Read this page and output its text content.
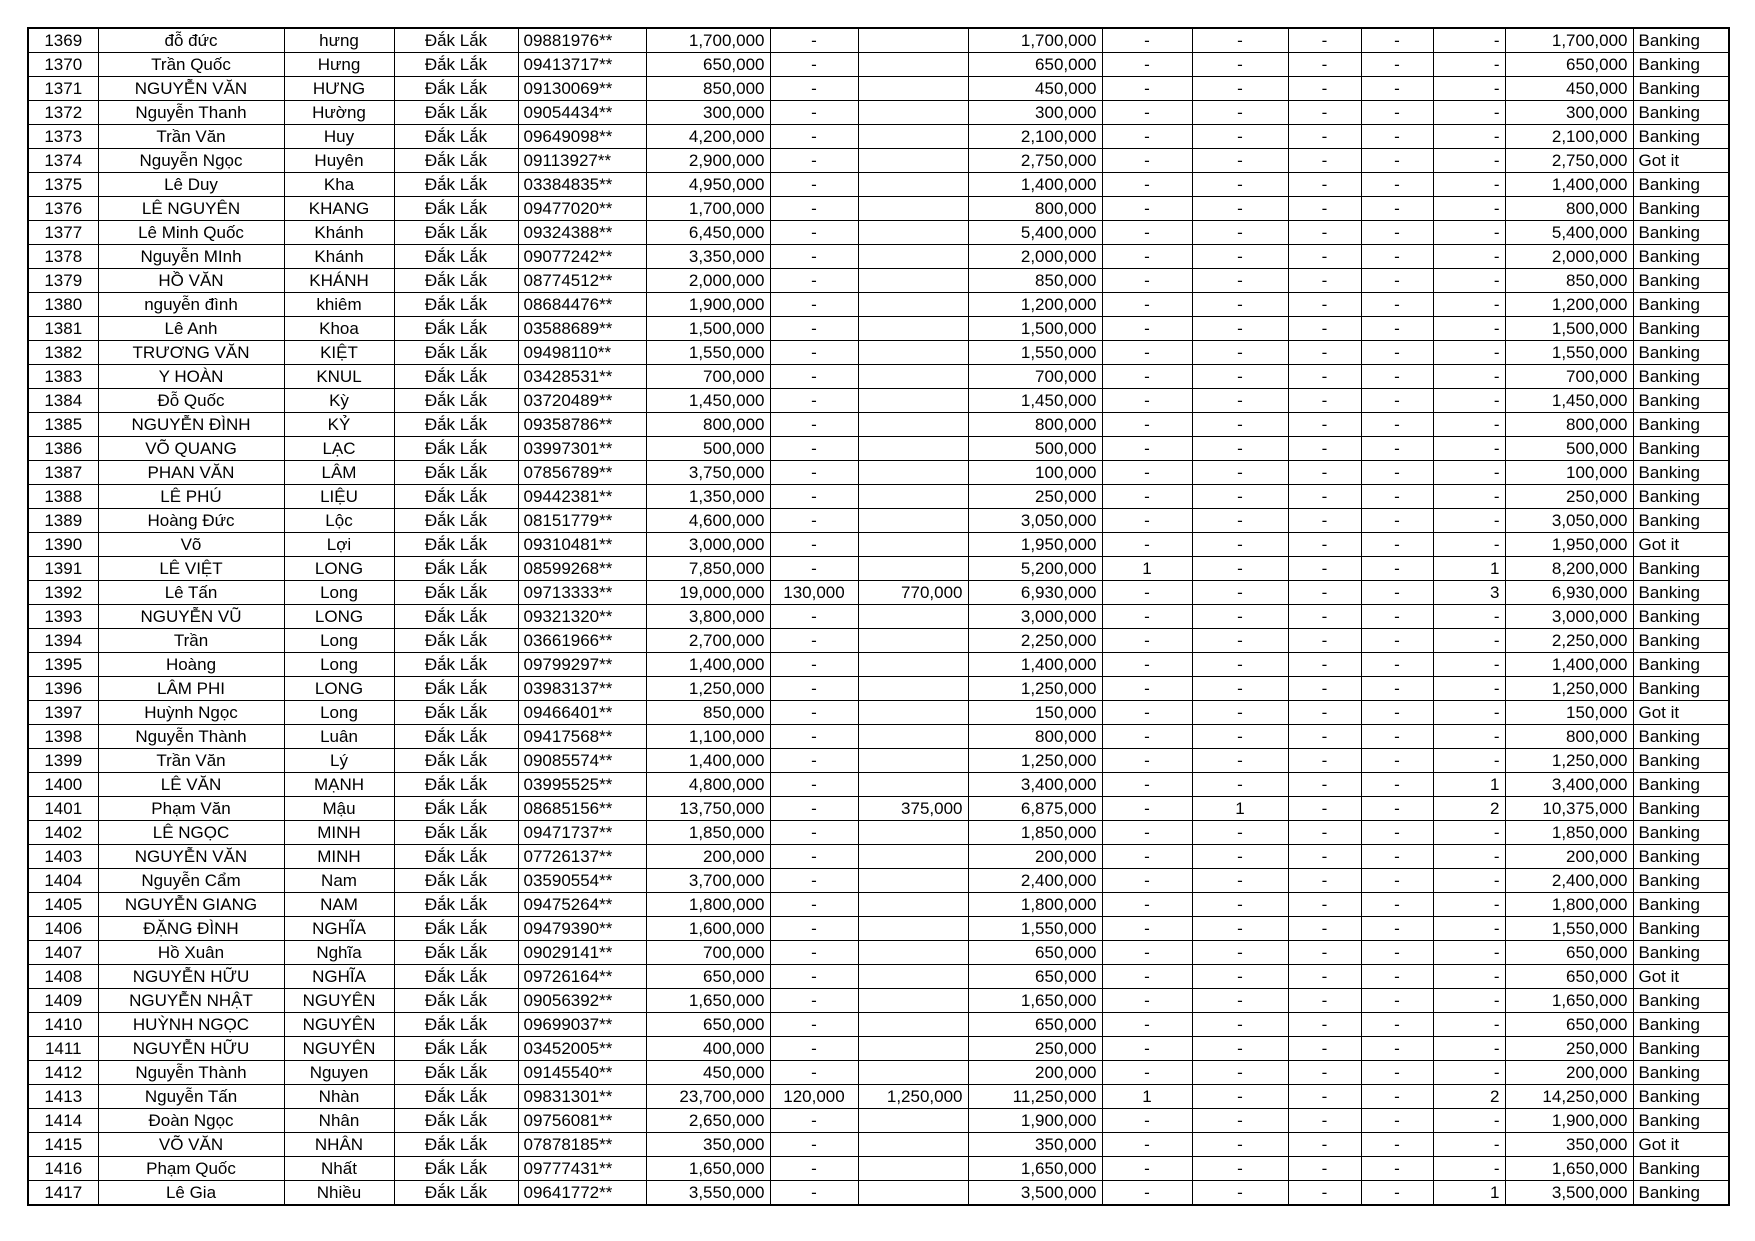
1369	đỗ đức	hưng	Đắk Lắk	09881976**	1,700,000	-		1,700,000	-	-	-	-	-	1,700,000	Banking
1370	Trần Quốc	Hưng	Đắk Lắk	09413717**	650,000	-		650,000	-	-	-	-	-	650,000	Banking
1371	NGUYỄN VĂN	HƯNG	Đắk Lắk	09130069**	850,000	-		450,000	-	-	-	-	-	450,000	Banking
1372	Nguyễn Thanh	Hường	Đắk Lắk	09054434**	300,000	-		300,000	-	-	-	-	-	300,000	Banking
1373	Trần Văn	Huy	Đắk Lắk	09649098**	4,200,000	-		2,100,000	-	-	-	-	-	2,100,000	Banking
1374	Nguyễn Ngọc	Huyên	Đắk Lắk	09113927**	2,900,000	-		2,750,000	-	-	-	-	-	2,750,000	Got it
1375	Lê Duy	Kha	Đắk Lắk	03384835**	4,950,000	-		1,400,000	-	-	-	-	-	1,400,000	Banking
1376	LÊ NGUYÊN	KHANG	Đắk Lắk	09477020**	1,700,000	-		800,000	-	-	-	-	-	800,000	Banking
1377	Lê Minh Quốc	Khánh	Đắk Lắk	09324388**	6,450,000	-		5,400,000	-	-	-	-	-	5,400,000	Banking
1378	Nguyễn MInh	Khánh	Đắk Lắk	09077242**	3,350,000	-		2,000,000	-	-	-	-	-	2,000,000	Banking
1379	HỒ VĂN	KHÁNH	Đắk Lắk	08774512**	2,000,000	-		850,000	-	-	-	-	-	850,000	Banking
1380	nguyễn đình	khiêm	Đắk Lắk	08684476**	1,900,000	-		1,200,000	-	-	-	-	-	1,200,000	Banking
1381	Lê Anh	Khoa	Đắk Lắk	03588689**	1,500,000	-		1,500,000	-	-	-	-	-	1,500,000	Banking
1382	TRƯƠNG VĂN	KIỆT	Đắk Lắk	09498110**	1,550,000	-		1,550,000	-	-	-	-	-	1,550,000	Banking
1383	Y HOÀN	KNUL	Đắk Lắk	03428531**	700,000	-		700,000	-	-	-	-	-	700,000	Banking
1384	Đỗ Quốc	Kỳ	Đắk Lắk	03720489**	1,450,000	-		1,450,000	-	-	-	-	-	1,450,000	Banking
1385	NGUYỄN ĐÌNH	KỶ	Đắk Lắk	09358786**	800,000	-		800,000	-	-	-	-	-	800,000	Banking
1386	VÕ QUANG	LẠC	Đắk Lắk	03997301**	500,000	-		500,000	-	-	-	-	-	500,000	Banking
1387	PHAN VĂN	LÂM	Đắk Lắk	07856789**	3,750,000	-		100,000	-	-	-	-	-	100,000	Banking
1388	LÊ PHÚ	LIỆU	Đắk Lắk	09442381**	1,350,000	-		250,000	-	-	-	-	-	250,000	Banking
1389	Hoàng Đức	Lộc	Đắk Lắk	08151779**	4,600,000	-		3,050,000	-	-	-	-	-	3,050,000	Banking
1390	Võ	Lợi	Đắk Lắk	09310481**	3,000,000	-		1,950,000	-	-	-	-	-	1,950,000	Got it
1391	LÊ VIỆT	LONG	Đắk Lắk	08599268**	7,850,000	-		5,200,000	1	-	-	-	1	8,200,000	Banking
1392	Lê Tấn	Long	Đắk Lắk	09713333**	19,000,000	130,000	770,000	6,930,000	-	-	-	-	3	6,930,000	Banking
1393	NGUYỄN VŨ	LONG	Đắk Lắk	09321320**	3,800,000	-		3,000,000	-	-	-	-	-	3,000,000	Banking
1394	Trần	Long	Đắk Lắk	03661966**	2,700,000	-		2,250,000	-	-	-	-	-	2,250,000	Banking
1395	Hoàng	Long	Đắk Lắk	09799297**	1,400,000	-		1,400,000	-	-	-	-	-	1,400,000	Banking
1396	LÂM PHI	LONG	Đắk Lắk	03983137**	1,250,000	-		1,250,000	-	-	-	-	-	1,250,000	Banking
1397	Huỳnh Ngọc	Long	Đắk Lắk	09466401**	850,000	-		150,000	-	-	-	-	-	150,000	Got it
1398	Nguyễn Thành	Luân	Đắk Lắk	09417568**	1,100,000	-		800,000	-	-	-	-	-	800,000	Banking
1399	Trần Văn	Lý	Đắk Lắk	09085574**	1,400,000	-		1,250,000	-	-	-	-	-	1,250,000	Banking
1400	LÊ VĂN	MẠNH	Đắk Lắk	03995525**	4,800,000	-		3,400,000	-	-	-	-	1	3,400,000	Banking
1401	Phạm Văn	Mậu	Đắk Lắk	08685156**	13,750,000	-	375,000	6,875,000	-	1	-	-	2	10,375,000	Banking
1402	LÊ NGỌC	MINH	Đắk Lắk	09471737**	1,850,000	-		1,850,000	-	-	-	-	-	1,850,000	Banking
1403	NGUYỄN VĂN	MINH	Đắk Lắk	07726137**	200,000	-		200,000	-	-	-	-	-	200,000	Banking
1404	Nguyễn Cẩm	Nam	Đắk Lắk	03590554**	3,700,000	-		2,400,000	-	-	-	-	-	2,400,000	Banking
1405	NGUYỄN GIANG	NAM	Đắk Lắk	09475264**	1,800,000	-		1,800,000	-	-	-	-	-	1,800,000	Banking
1406	ĐẶNG ĐÌNH	NGHĨA	Đắk Lắk	09479390**	1,600,000	-		1,550,000	-	-	-	-	-	1,550,000	Banking
1407	Hồ Xuân	Nghĩa	Đắk Lắk	09029141**	700,000	-		650,000	-	-	-	-	-	650,000	Banking
1408	NGUYỄN HỮU	NGHĨA	Đắk Lắk	09726164**	650,000	-		650,000	-	-	-	-	-	650,000	Got it
1409	NGUYỄN NHẬT	NGUYÊN	Đắk Lắk	09056392**	1,650,000	-		1,650,000	-	-	-	-	-	1,650,000	Banking
1410	HUỲNH NGỌC	NGUYÊN	Đắk Lắk	09699037**	650,000	-		650,000	-	-	-	-	-	650,000	Banking
1411	NGUYỄN HỮU	NGUYÊN	Đắk Lắk	03452005**	400,000	-		250,000	-	-	-	-	-	250,000	Banking
1412	Nguyễn Thành	Nguyen	Đắk Lắk	09145540**	450,000	-		200,000	-	-	-	-	-	200,000	Banking
1413	Nguyễn Tấn	Nhàn	Đắk Lắk	09831301**	23,700,000	120,000	1,250,000	11,250,000	1	-	-	-	2	14,250,000	Banking
1414	Đoàn Ngọc	Nhân	Đắk Lắk	09756081**	2,650,000	-		1,900,000	-	-	-	-	-	1,900,000	Banking
1415	VÕ VĂN	NHÂN	Đắk Lắk	07878185**	350,000	-		350,000	-	-	-	-	-	350,000	Got it
1416	Phạm Quốc	Nhất	Đắk Lắk	09777431**	1,650,000	-		1,650,000	-	-	-	-	-	1,650,000	Banking
1417	Lê Gia	Nhiều	Đắk Lắk	09641772**	3,550,000	-		3,500,000	-	-	-	-	1	3,500,000	Banking
